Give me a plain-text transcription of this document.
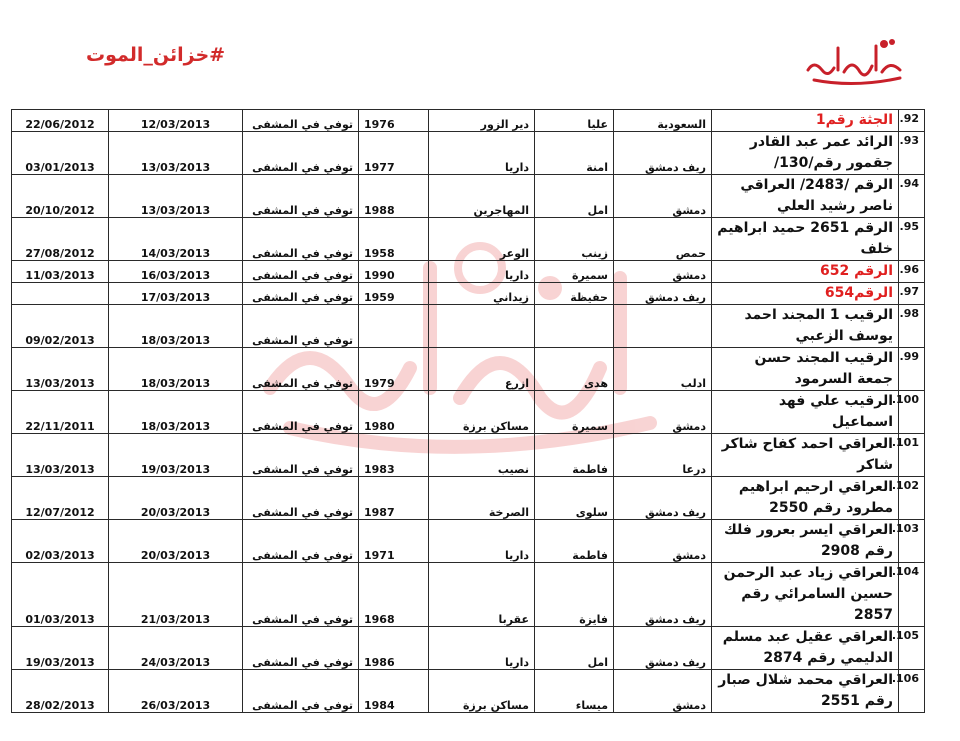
#خزائن_الموت
92.	الجثة رقم1	السعودية	عليا	دير الزور	1976	توفي في المشفى	12/03/2013	22/06/2012
93.	الرائد عمر عبد القادر جقمور رقم/130/	ريف دمشق	امنة	داريا	1977	توفي في المشفى	13/03/2013	03/01/2013
94.	الرقم /2483/ العراقي ناصر رشيد العلي	دمشق	امل	المهاجرين	1988	توفي في المشفى	13/03/2013	20/10/2012
95.	الرقم 2651 حميد ابراهيم خلف	حمص	زينب	الوعر	1958	توفي في المشفى	14/03/2013	27/08/2012
96.	الرقم 652	دمشق	سميرة	داريا	1990	توفي في المشفى	16/03/2013	11/03/2013
97.	الرقم654	ريف دمشق	حفيظة	زيداني	1959	توفي في المشفى	17/03/2013	
98.	الرقيب 1 المجند احمد يوسف الزعبي					توفي في المشفى	18/03/2013	09/02/2013
99.	الرقيب المجند حسن جمعة السرمود	ادلب	هدى	ازرع	1979	توفي في المشفى	18/03/2013	13/03/2013
100.	الرقيب علي فهد اسماعيل	دمشق	سميرة	مساكن برزة	1980	توفي في المشفى	18/03/2013	22/11/2011
101.	العراقي احمد كفاح شاكر شاكر	درعا	فاطمة	نصيب	1983	توفي في المشفى	19/03/2013	13/03/2013
102.	العراقي ارحيم ابراهيم مطرود رقم 2550	ريف دمشق	سلوى	الصرخة	1987	توفي في المشفى	20/03/2013	12/07/2012
103.	العراقي ايسر بعرور فلك رقم 2908	دمشق	فاطمة	داريا	1971	توفي في المشفى	20/03/2013	02/03/2013
104.	العراقي زياد عبد الرحمن حسين السامرائي رقم 2857	ريف دمشق	فايزة	عقربا	1968	توفي في المشفى	21/03/2013	01/03/2013
105.	العراقي عقيل عبد مسلم الدليمي رقم 2874	ريف دمشق	امل	داريا	1986	توفي في المشفى	24/03/2013	19/03/2013
106.	العراقي محمد شلال صبار رقم 2551	دمشق	ميساء	مساكن برزة	1984	توفي في المشفى	26/03/2013	28/02/2013
